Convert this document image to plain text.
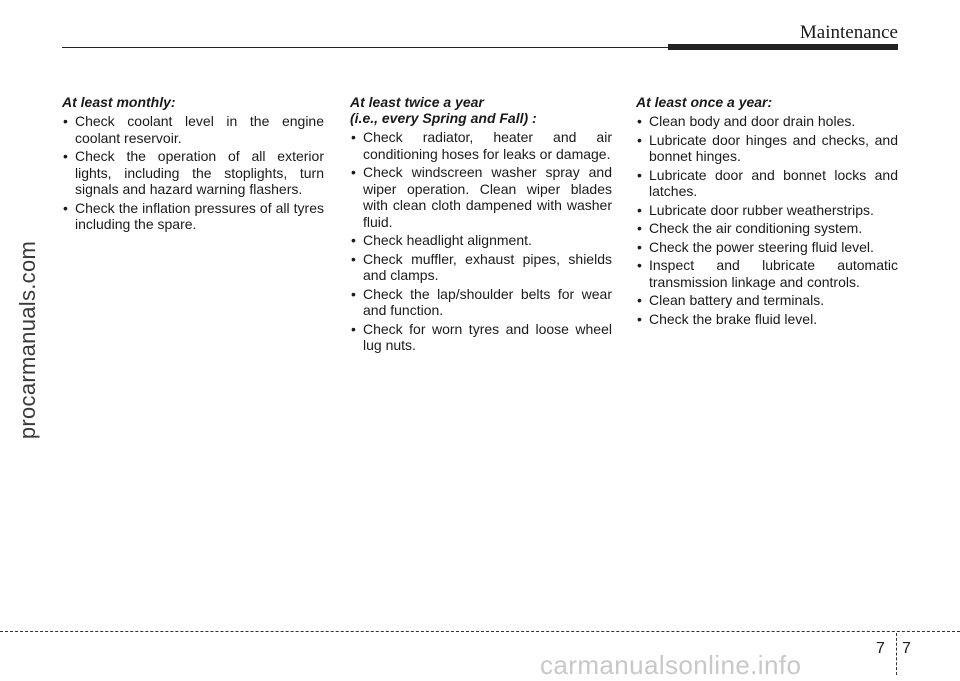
Maintenance
procarmanuals.com
At least monthly:
• Check coolant level in the engine coolant reservoir.
• Check the operation of all exterior lights, including the stoplights, turn signals and hazard warning flashers.
• Check the inflation pressures of all tyres including the spare.
At least twice a year
(i.e., every Spring and Fall) :
• Check radiator, heater and air conditioning hoses for leaks or damage.
• Check windscreen washer spray and wiper operation. Clean wiper blades with clean cloth dampened with washer fluid.
• Check headlight alignment.
• Check muffler, exhaust pipes, shields and clamps.
• Check the lap/shoulder belts for wear and function.
• Check for worn tyres and loose wheel lug nuts.
At least once a year:
• Clean body and door drain holes.
• Lubricate door hinges and checks, and bonnet hinges.
• Lubricate door and bonnet locks and latches.
• Lubricate door rubber weatherstrips.
• Check the air conditioning system.
• Check the power steering fluid level.
• Inspect and lubricate automatic transmission linkage and controls.
• Clean battery and terminals.
• Check the brake fluid level.
7 7
carmanualsonline.info
